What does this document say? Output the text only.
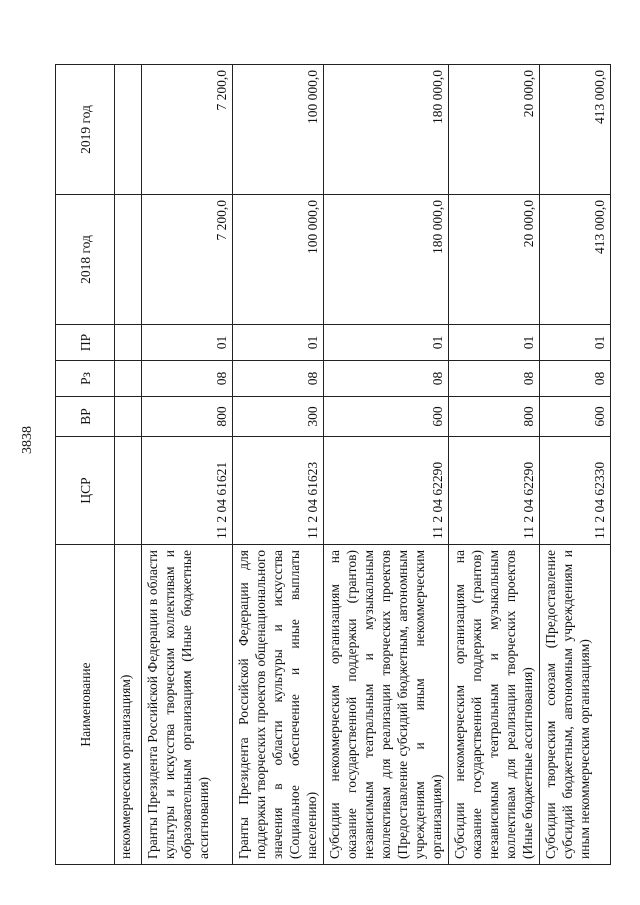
3838
Наименование	ЦСР	ВР	Рз	ПР	2018 год	2019 год
некоммерческим организациям)						
Гранты Президента Российской Федерации в области культуры и искусства творческим коллективам и образовательным организациям (Иные бюджетные ассигнования)	11 2 04 61621	800	08	01	7 200,0	7 200,0
Гранты Президента Российской Федерации для поддержки творческих проектов общенационального значения в области культуры и искусства (Социальное обеспечение и иные выплаты населению)	11 2 04 61623	300	08	01	100 000,0	100 000,0
Субсидии некоммерческим организациям на оказание государственной поддержки (грантов) независимым театральным и музыкальным коллективам для реализации творческих проектов (Предоставление субсидий бюджетным, автономным учреждениям и иным некоммерческим организациям)	11 2 04 62290	600	08	01	180 000,0	180 000,0
Субсидии некоммерческим организациям на оказание государственной поддержки (грантов) независимым театральным и музыкальным коллективам для реализации творческих проектов (Иные бюджетные ассигнования)	11 2 04 62290	800	08	01	20 000,0	20 000,0
Субсидии творческим союзам (Предоставление субсидий бюджетным, автономным учреждениям и иным некоммерческим организациям)	11 2 04 62330	600	08	01	413 000,0	413 000,0
